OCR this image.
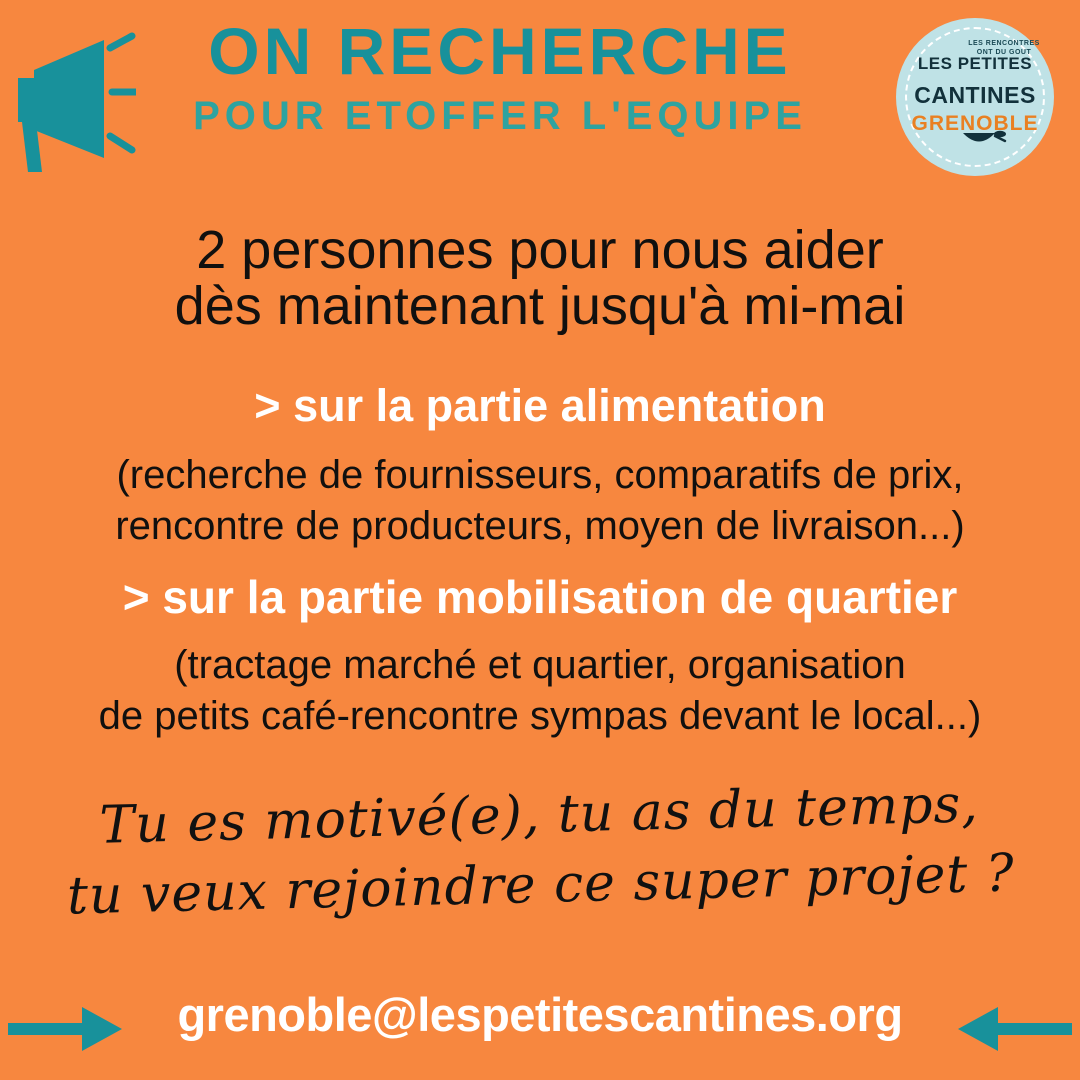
ON RECHERCHE
POUR ETOFFER L'EQUIPE
LES RENCONTRES ONT DU GOUT
LES PETITES
CANTINES
GRENOBLE
2 personnes pour nous aider
dès maintenant jusqu'à mi-mai
> sur la partie alimentation
(recherche de fournisseurs, comparatifs de prix,
rencontre de producteurs, moyen de livraison...)
> sur la partie mobilisation de quartier
(tractage marché et quartier, organisation
de petits café-rencontre sympas devant le local...)
Tu es motivé(e), tu as du temps,
tu veux rejoindre ce super projet ?
grenoble@lespetitescantines.org
